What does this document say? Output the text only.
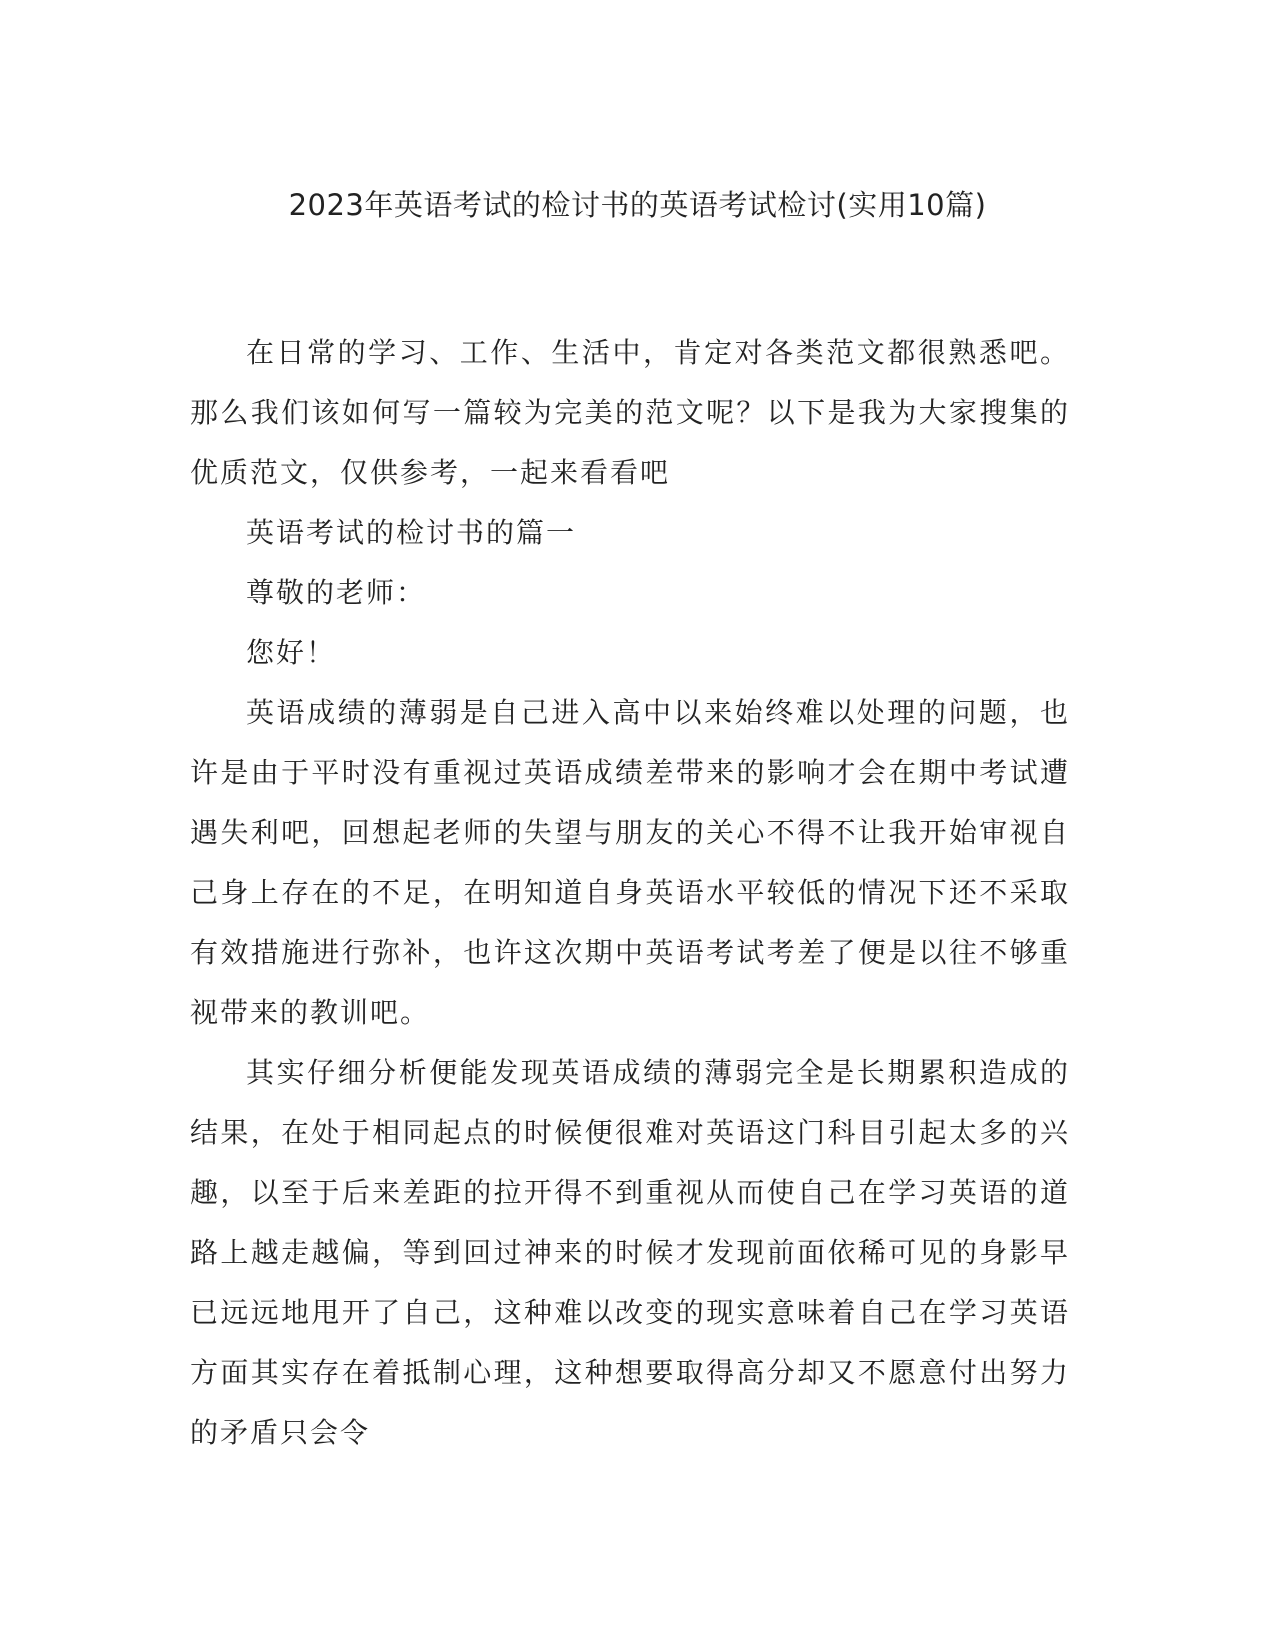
2023年英语考试的检讨书的英语考试检讨(实用10篇)

在日常的学习、工作、生活中，肯定对各类范文都很熟悉吧。那么我们该如何写一篇较为完美的范文呢？以下是我为大家搜集的优质范文，仅供参考，一起来看看吧

英语考试的检讨书的篇一

尊敬的老师：

您好！

英语成绩的薄弱是自己进入高中以来始终难以处理的问题，也许是由于平时没有重视过英语成绩差带来的影响才会在期中考试遭遇失利吧，回想起老师的失望与朋友的关心不得不让我开始审视自己身上存在的不足，在明知道自身英语水平较低的情况下还不采取有效措施进行弥补，也许这次期中英语考试考差了便是以往不够重视带来的教训吧。

其实仔细分析便能发现英语成绩的薄弱完全是长期累积造成的结果，在处于相同起点的时候便很难对英语这门科目引起太多的兴趣，以至于后来差距的拉开得不到重视从而使自己在学习英语的道路上越走越偏，等到回过神来的时候才发现前面依稀可见的身影早已远远地甩开了自己，这种难以改变的现实意味着自己在学习英语方面其实存在着抵制心理，这种想要取得高分却又不愿意付出努力的矛盾只会令
